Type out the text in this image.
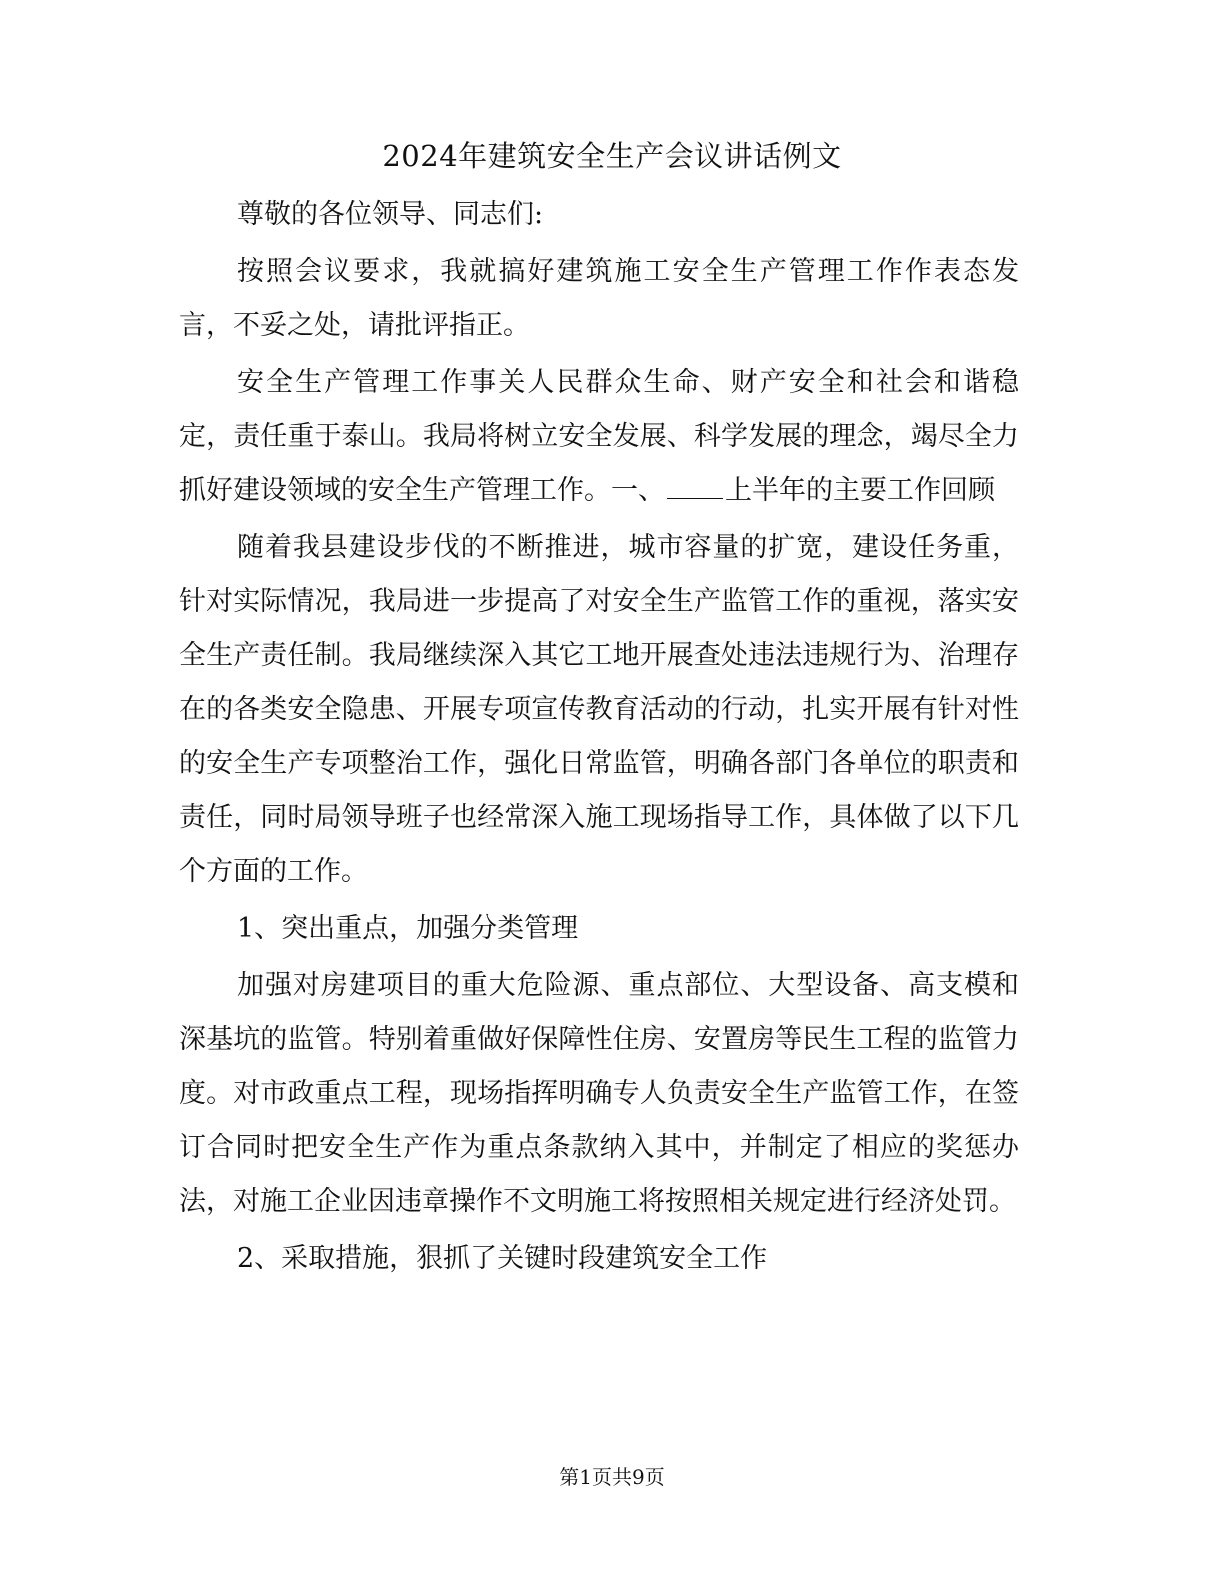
2024年建筑安全生产会议讲话例文

尊敬的各位领导、同志们:

按照会议要求，我就搞好建筑施工安全生产管理工作作表态发言，不妥之处，请批评指正。

安全生产管理工作事关人民群众生命、财产安全和社会和谐稳定，责任重于泰山。我局将树立安全发展、科学发展的理念，竭尽全力抓好建设领域的安全生产管理工作。一、 上半年的主要工作回顾

随着我县建设步伐的不断推进，城市容量的扩宽，建设任务重，针对实际情况，我局进一步提高了对安全生产监管工作的重视，落实安全生产责任制。我局继续深入其它工地开展查处违法违规行为、治理存在的各类安全隐患、开展专项宣传教育活动的行动，扎实开展有针对性的安全生产专项整治工作，强化日常监管，明确各部门各单位的职责和责任，同时局领导班子也经常深入施工现场指导工作，具体做了以下几个方面的工作。

1、突出重点，加强分类管理

加强对房建项目的重大危险源、重点部位、大型设备、高支模和深基坑的监管。特别着重做好保障性住房、安置房等民生工程的监管力度。对市政重点工程，现场指挥明确专人负责安全生产监管工作，在签订合同时把安全生产作为重点条款纳入其中，并制定了相应的奖惩办法，对施工企业因违章操作不文明施工将按照相关规定进行经济处罚。

2、采取措施，狠抓了关键时段建筑安全工作

第1页共9页
